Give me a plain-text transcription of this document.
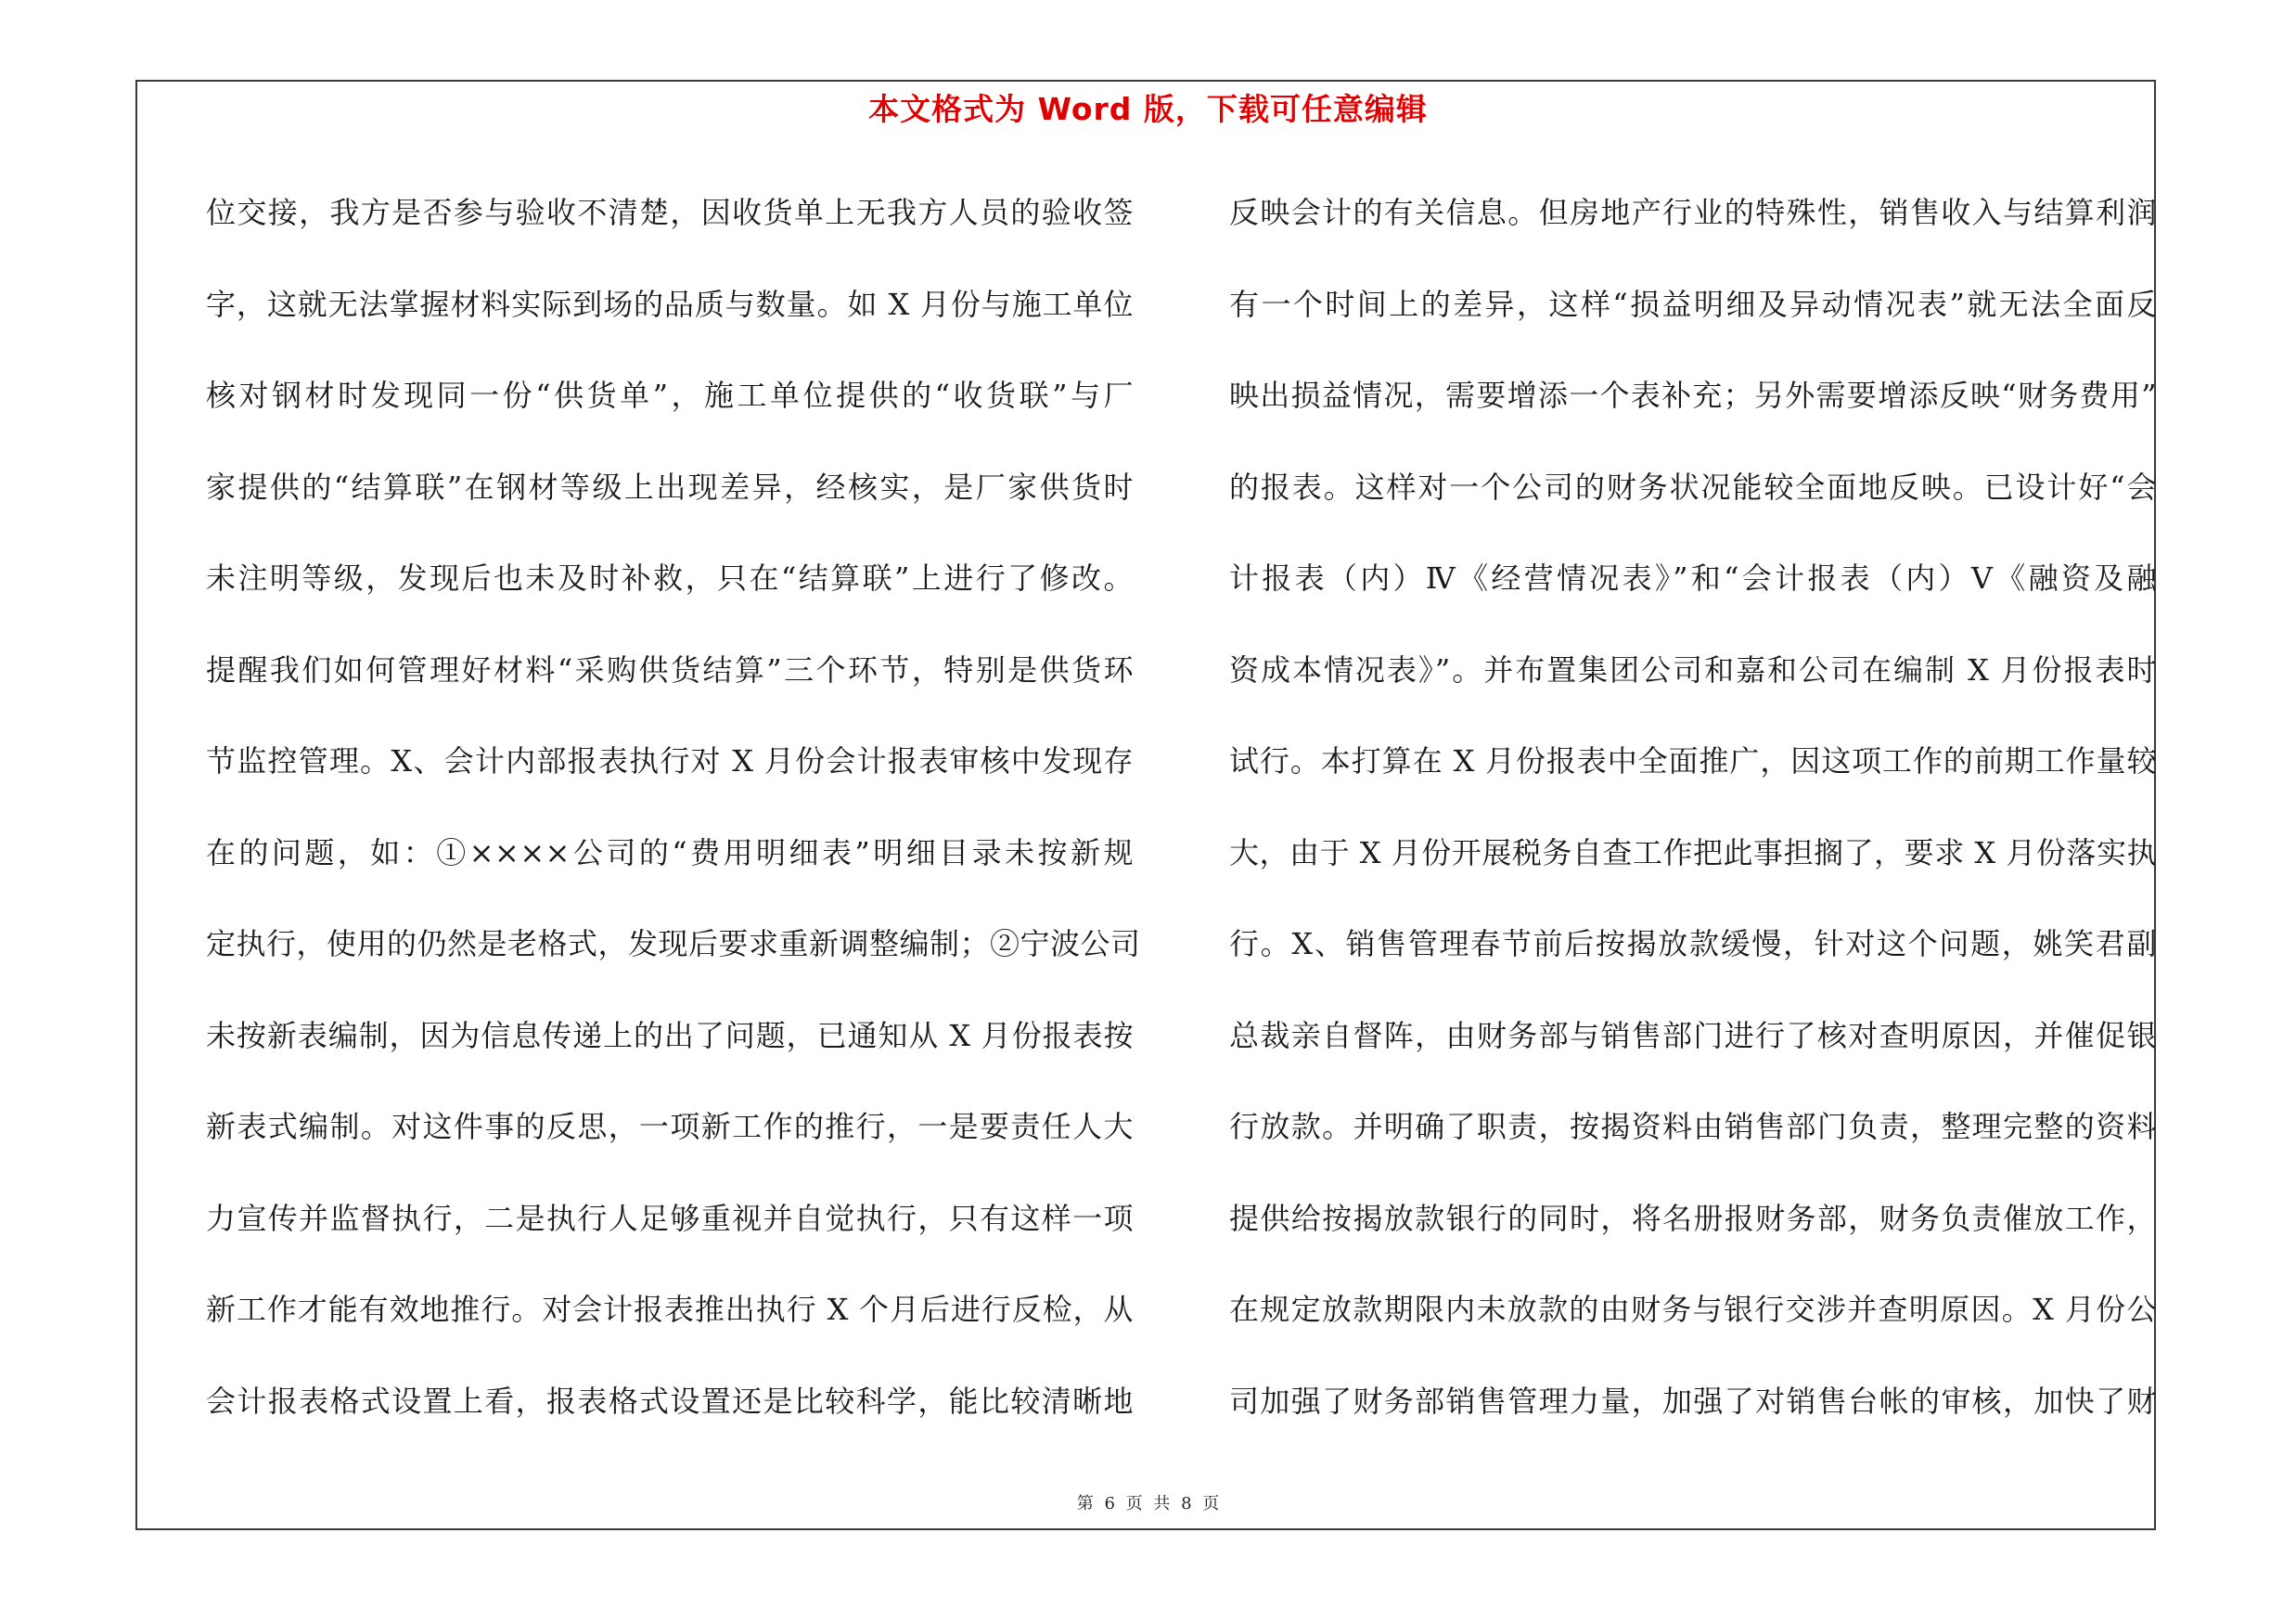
本文格式为 Word 版，下载可任意编辑
位交接，我方是否参与验收不清楚，因收货单上无我方人员的验收签
字，这就无法掌握材料实际到场的品质与数量。如 X 月份与施工单位
核对钢材时发现同一份“供货单”，施工单位提供的“收货联”与厂
家提供的“结算联”在钢材等级上出现差异，经核实，是厂家供货时
未注明等级，发现后也未及时补救，只在“结算联”上进行了修改。
提醒我们如何管理好材料“采购供货结算”三个环节，特别是供货环
节监控管理。X、会计内部报表执行对 X 月份会计报表审核中发现存
在的问题，如：①××××公司的“费用明细表”明细目录未按新规
定执行，使用的仍然是老格式，发现后要求重新调整编制；②宁波公司
未按新表编制，因为信息传递上的出了问题，已通知从 X 月份报表按
新表式编制。对这件事的反思，一项新工作的推行，一是要责任人大
力宣传并监督执行，二是执行人足够重视并自觉执行，只有这样一项
新工作才能有效地推行。对会计报表推出执行 X 个月后进行反检，从
会计报表格式设置上看，报表格式设置还是比较科学，能比较清晰地
反映会计的有关信息。但房地产行业的特殊性，销售收入与结算利润
有一个时间上的差异，这样“损益明细及异动情况表”就无法全面反
映出损益情况，需要增添一个表补充；另外需要增添反映“财务费用”
的报表。这样对一个公司的财务状况能较全面地反映。已设计好“会
计报表（内）Ⅳ《经营情况表》”和“会计报表（内）Ⅴ《融资及融
资成本情况表》”。并布置集团公司和嘉和公司在编制 X 月份报表时
试行。本打算在 X 月份报表中全面推广，因这项工作的前期工作量较
大，由于 X 月份开展税务自查工作把此事担搁了，要求 X 月份落实执
行。X、销售管理春节前后按揭放款缓慢，针对这个问题，姚笑君副
总裁亲自督阵，由财务部与销售部门进行了核对查明原因，并催促银
行放款。并明确了职责，按揭资料由销售部门负责，整理完整的资料
提供给按揭放款银行的同时，将名册报财务部，财务负责催放工作，
在规定放款期限内未放款的由财务与银行交涉并查明原因。X 月份公
司加强了财务部销售管理力量，加强了对销售台帐的审核，加快了财
第 6 页 共 8 页
